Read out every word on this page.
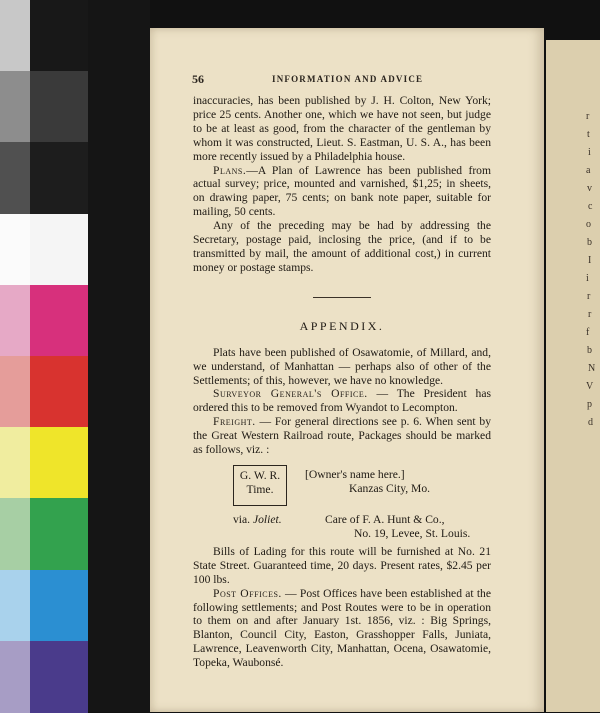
56	INFORMATION AND ADVICE

inaccuracies, has been published by J. H. Colton, New York; price 25 cents. Another one, which we have not seen, but judge to be at least as good, from the character of the gentleman by whom it was constructed, Lieut. S. Eastman, U. S. A., has been more recently issued by a Philadelphia house.

Plans.—A Plan of Lawrence has been published from actual survey; price, mounted and varnished, $1,25; in sheets, on drawing paper, 75 cents; on bank note paper, suitable for mailing, 50 cents.

Any of the preceding may be had by addressing the Secretary, postage paid, inclosing the price, (and if to be transmitted by mail, the amount of additional cost,) in current money or postage stamps.

APPENDIX.

Plats have been published of Osawatomie, of Millard, and, we understand, of Manhattan — perhaps also of other of the Settlements; of this, however, we have no knowledge.

Surveyor General's Office. — The President has ordered this to be removed from Wyandot to Lecompton.

Freight. — For general directions see p. 6. When sent by the Great Western Railroad route, Packages should be marked as follows, viz. :

G. W. R.
Time.
[Owner's name here.]
Kanzas City, Mo.
via. Joliet.	Care of F. A. Hunt & Co.,
No. 19, Levee, St. Louis.

Bills of Lading for this route will be furnished at No. 21 State Street. Guaranteed time, 20 days. Present rates, $2.45 per 100 lbs.

Post Offices. — Post Offices have been established at the following settlements; and Post Routes were to be in operation to them on and after January 1st. 1856, viz. : Big Springs, Blanton, Council City, Easton, Grasshopper Falls, Juniata, Lawrence, Leavenworth City, Manhattan, Ocena, Osawatomie, Topeka, Waubonsé.

r
t
i
a
v
c
o
b
I
i
r
r
f
b
N
V
p
d
